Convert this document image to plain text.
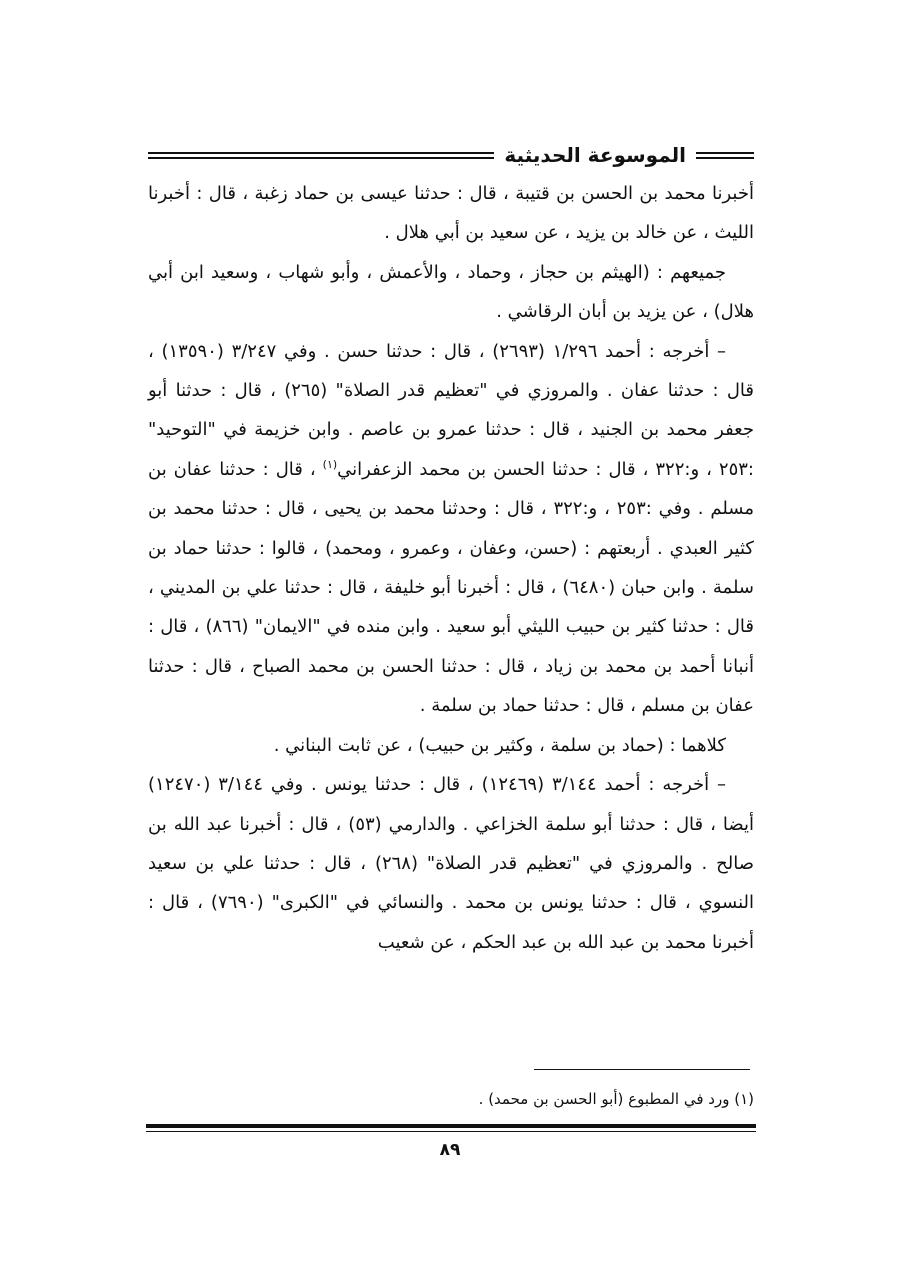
الموسوعة الحديثية

أخبرنا محمد بن الحسن بن قتيبة ، قال : حدثنا عيسى بن حماد زغبة ، قال : أخبرنا الليث ، عن خالد بن يزيد ، عن سعيد بن أبي هلال .

جميعهم : (الهيثم بن حجاز ، وحماد ، والأعمش ، وأبو شهاب ، وسعيد ابن أبي هلال) ، عن يزيد بن أبان الرقاشي .

– أخرجه : أحمد ١/٢٩٦ (٢٦٩٣) ، قال : حدثنا حسن . وفي ٣/٢٤٧ (١٣٥٩٠) ، قال : حدثنا عفان . والمروزي في "تعظيم قدر الصلاة" (٢٦٥) ، قال : حدثنا أبو جعفر محمد بن الجنيد ، قال : حدثنا عمرو بن عاصم . وابن خزيمة في "التوحيد" :٢٥٣ ، و:٣٢٢ ، قال : حدثنا الحسن بن محمد الزعفراني$^{(١)}$ ، قال : حدثنا عفان بن مسلم . وفي :٢٥٣ ، و:٣٢٢ ، قال : وحدثنا محمد بن يحيى ، قال : حدثنا محمد بن كثير العبدي . أربعتهم : (حسن، وعفان ، وعمرو ، ومحمد) ، قالوا : حدثنا حماد بن سلمة . وابن حبان (٦٤٨٠) ، قال : أخبرنا أبو خليفة ، قال : حدثنا علي بن المديني ، قال : حدثنا كثير بن حبيب الليثي أبو سعيد . وابن منده في "الايمان" (٨٦٦) ، قال : أنبانا أحمد بن محمد بن زياد ، قال : حدثنا الحسن بن محمد الصباح ، قال : حدثنا عفان بن مسلم ، قال : حدثنا حماد بن سلمة .

كلاهما : (حماد بن سلمة ، وكثير بن حبيب) ، عن ثابت البناني .

– أخرجه : أحمد ٣/١٤٤ (١٢٤٦٩) ، قال : حدثنا يونس . وفي ٣/١٤٤ (١٢٤٧٠) أيضا ، قال : حدثنا أبو سلمة الخزاعي . والدارمي (٥٣) ، قال : أخبرنا عبد الله بن صالح . والمروزي في "تعظيم قدر الصلاة" (٢٦٨) ، قال : حدثنا علي بن سعيد النسوي ، قال : حدثنا يونس بن محمد . والنسائي في "الكبرى" (٧٦٩٠) ، قال : أخبرنا محمد بن عبد الله بن عبد الحكم ، عن شعيب

(١) ورد في المطبوع (أبو الحسن بن محمد) .
٨٩
